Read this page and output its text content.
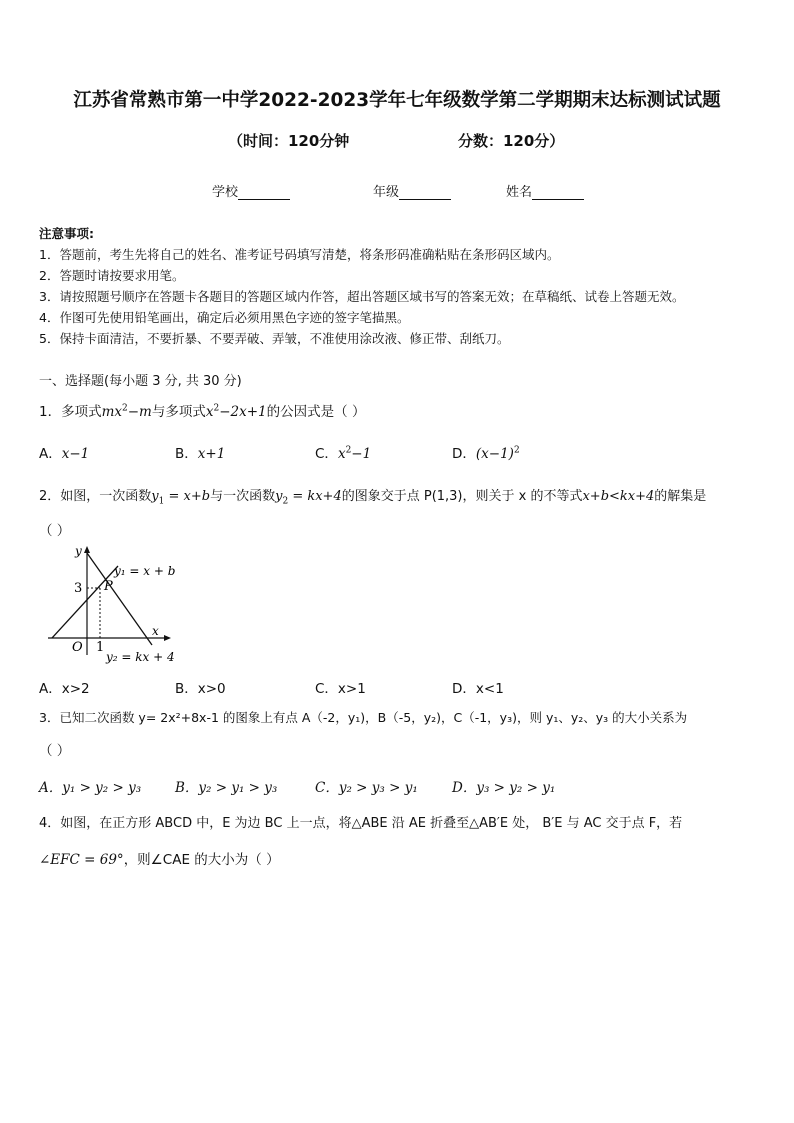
江苏省常熟市第一中学2022-2023学年七年级数学第二学期期末达标测试试题
（时间：120分钟	分数：120分）
学校	年级	姓名
注意事项:
1．答题前，考生先将自己的姓名、准考证号码填写清楚，将条形码准确粘贴在条形码区域内。
2．答题时请按要求用笔。
3．请按照题号顺序在答题卡各题目的答题区域内作答，超出答题区域书写的答案无效；在草稿纸、试卷上答题无效。
4．作图可先使用铅笔画出，确定后必须用黑色字迹的签字笔描黑。
5．保持卡面清洁，不要折暴、不要弄破、弄皱，不准使用涂改液、修正带、刮纸刀。
一、选择题(每小题 3 分, 共 30 分)
1．多项式$mx^2-m$与多项式$x^2-2x+1$的公因式是（ ）
A．x−1	B．x+1	C．$x^2-1$	D．$(x-1)^2$
2．如图，一次函数$y_1 = x+b$与一次函数$y_2 = kx+4$的图象交于点 P(1,3)，则关于 x 的不等式x+b<kx+4的解集是
（ ）
y
x
O 1
3 P
y₁ = x + b
y₂ = kx + 4
A．x>2	B．x>0	C．x>1	D．x<1
3．已知二次函数 y= 2x²+8x-1 的图象上有点 A（-2，y₁)，B（-5，y₂)，C（-1，y₃)，则 y₁、y₂、y₃ 的大小关系为
（ ）
A．y₁ > y₂ > y₃	B．y₂ > y₁ > y₃	C．y₂ > y₃ > y₁	D．y₃ > y₂ > y₁
4．如图，在正方形 ABCD 中，E 为边 BC 上一点，将△ABE 沿 AE 折叠至△AB′E 处， B′E 与 AC 交于点 F，若
∠EFC = 69°，则∠CAE 的大小为（ ）
